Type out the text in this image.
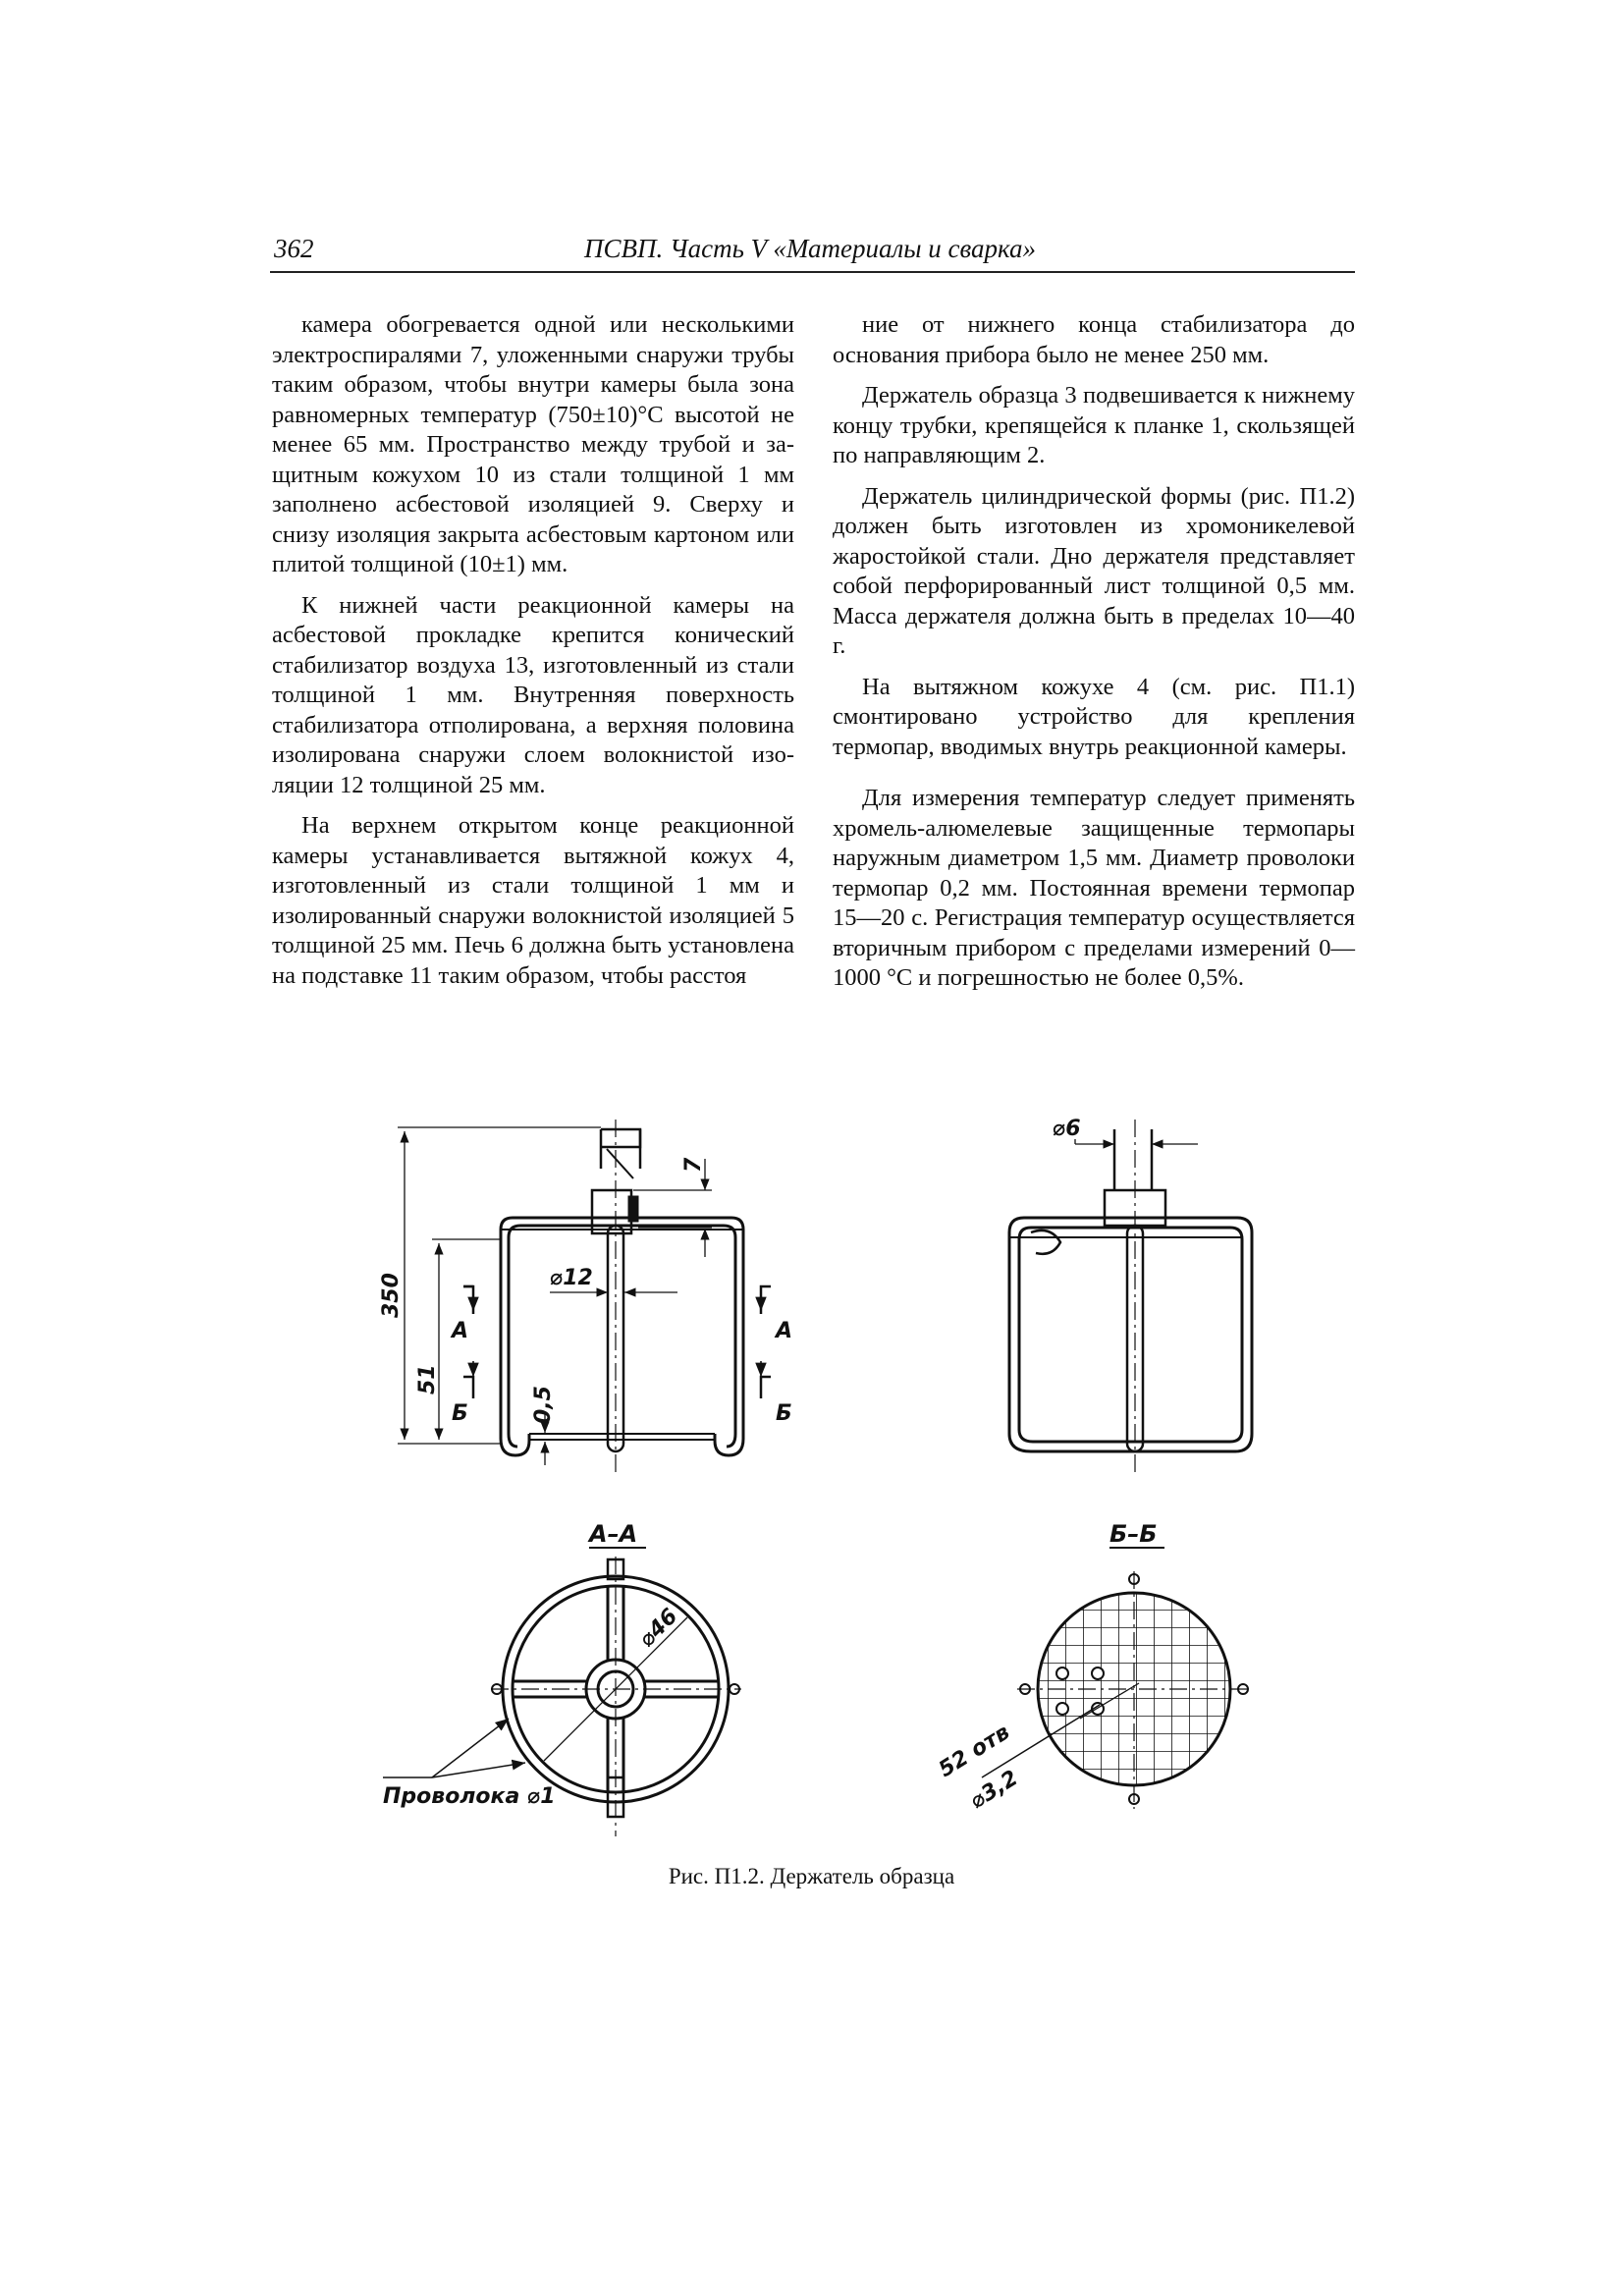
362	ПСВП. Часть V «Материалы и сварка»

камера обогревается одной или несколькими электроспиралями 7, уложенными снаружи трубы таким образом, чтобы внутри камеры была зона равномерных температур (750±10)°С высотой не менее 65 мм. Пространство между трубой и защитным кожухом 10 из стали толщиной 1 мм заполнено асбестовой изоляцией 9. Сверху и снизу изоляция закрыта асбестовым картоном или плитой толщиной (10±1) мм.

К нижней части реакционной камеры на асбестовой прокладке крепится конический стабилизатор воздуха 13, изготовленный из стали толщиной 1 мм. Внутренняя поверхность стабилизатора отполирована, а верхняя половина изолирована снаружи слоем волокнистой изоляции 12 толщиной 25 мм.

На верхнем открытом конце реакционной камеры устанавливается вытяжной кожух 4, изготовленный из стали толщиной 1 мм и изолированный снаружи волокнистой изоляцией 5 толщиной 25 мм. Печь 6 должна быть установлена на подставке 11 таким образом, чтобы расстоя

ние от нижнего конца стабилизатора до основания прибора было не менее 250 мм.

Держатель образца 3 подвешивается к нижнему концу трубки, крепящейся к планке 1, скользящей по направляющим 2.

Держатель цилиндрической формы (рис. П1.2) должен быть изготовлен из хромоникелевой жаростойкой стали. Дно держателя представляет собой перфорированный лист толщиной 0,5 мм. Масса держателя должна быть в пределах 10—40 г.

На вытяжном кожухе 4 (см. рис. П1.1) смонтировано устройство для крепления термопар, вводимых внутрь реакционной камеры.

Для измерения температур следует применять хромель-алюмелевые защищенные термопары наружным диаметром 1,5 мм. Диаметр проволоки термопар 0,2 мм. Постоянная времени термопар 15—20 с. Регистрация температур осуществляется вторичным прибором с пределами измерений 0—1000 °С и погрешностью не более 0,5%.

350
51
7
⌀12
0,5
А	А
Б	Б
⌀6
А–А
⌀46
Проволока ⌀1
Б–Б
52 отв
⌀3,2
Рис. П1.2. Держатель образца
